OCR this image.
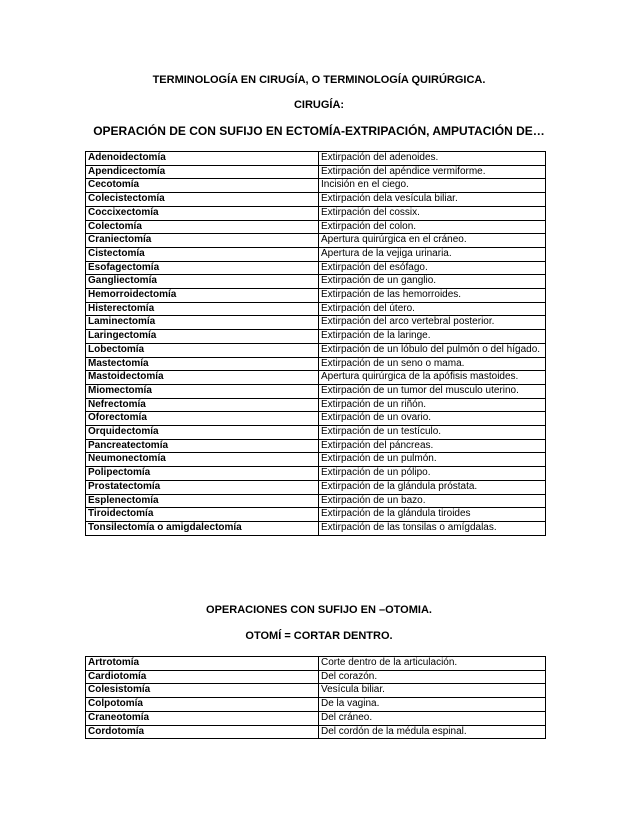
TERMINOLOGÍA EN CIRUGÍA, O TERMINOLOGÍA QUIRÚRGICA.
CIRUGÍA:
OPERACIÓN DE CON SUFIJO EN ECTOMÍA-EXTRIPACIÓN, AMPUTACIÓN DE…
Adenoidectomía	Extirpación del adenoides.
Apendicectomía	Extirpación del apéndice vermiforme.
Cecotomía	Incisión en el ciego.
Colecistectomía	Extirpación dela vesícula biliar.
Coccixectomía	Extirpación del cossix.
Colectomía	Extirpación del colon.
Craniectomía	Apertura quirúrgica en el cráneo.
Cistectomía	Apertura de la vejiga urinaria.
Esofagectomía	Extirpación del esófago.
Gangliectomía	Extirpación de un ganglio.
Hemorroidectomía	Extirpación de las hemorroides.
Histerectomía	Extirpación del útero.
Laminectomía	Extirpación del arco vertebral posterior.
Laringectomía	Extirpación de la laringe.
Lobectomía	Extirpación de un lóbulo del pulmón o del hígado.
Mastectomía	Extirpación de un seno o mama.
Mastoidectomía	Apertura quirúrgica de la apófisis mastoides.
Miomectomía	Extirpación de un tumor del musculo uterino.
Nefrectomía	Extirpación de un riñón.
Oforectomía	Extirpación de un ovario.
Orquidectomía	Extirpación de un testículo.
Pancreatectomía	Extirpación del páncreas.
Neumonectomía	Extirpación de un pulmón.
Polipectomía	Extirpación de un pólipo.
Prostatectomía	Extirpación de la glándula próstata.
Esplenectomía	Extirpación de un bazo.
Tiroidectomía	Extirpación de la glándula tiroides
Tonsilectomía o amigdalectomía	Extirpación de las tonsilas o amígdalas.
OPERACIONES CON SUFIJO EN –OTOMIA.
OTOMÍ = CORTAR DENTRO.
Artrotomía	Corte dentro de la articulación.
Cardiotomía	Del corazón.
Colesistomía	Vesícula biliar.
Colpotomía	De la vagina.
Craneotomía	Del cráneo.
Cordotomía	Del cordón de la médula espinal.
